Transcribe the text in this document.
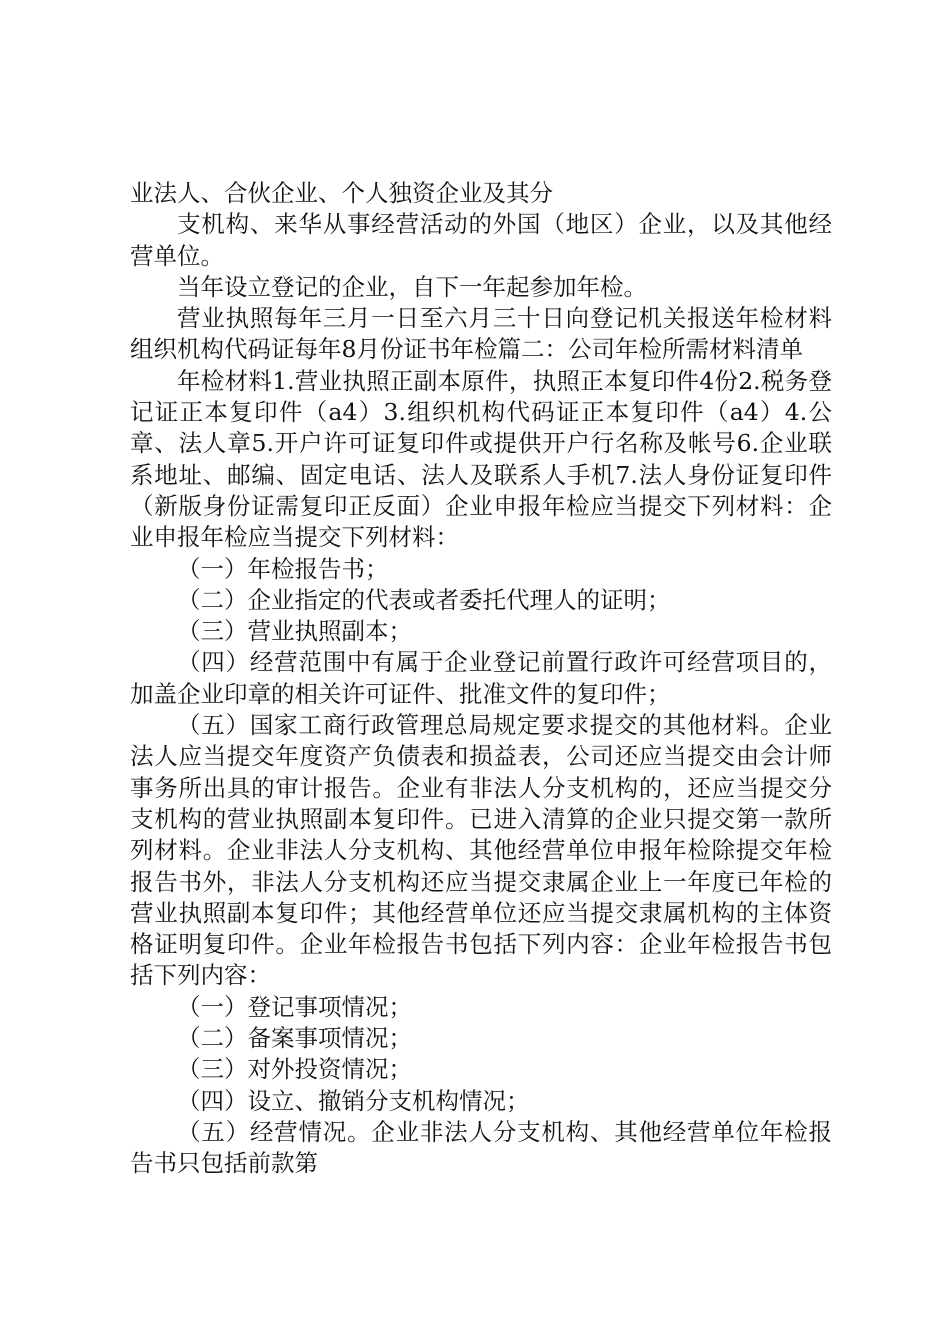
业法人、合伙企业、个人独资企业及其分

支机构、来华从事经营活动的外国（地区）企业，以及其他经营单位。

当年设立登记的企业，自下一年起参加年检。

营业执照每年三月一日至六月三十日向登记机关报送年检材料组织机构代码证每年8月份证书年检篇二：公司年检所需材料清单

年检材料1.营业执照正副本原件，执照正本复印件4份2.税务登记证正本复印件（a4）3.组织机构代码证正本复印件（a4）4.公章、法人章5.开户许可证复印件或提供开户行名称及帐号6.企业联系地址、邮编、固定电话、法人及联系人手机7.法人身份证复印件（新版身份证需复印正反面）企业申报年检应当提交下列材料：企业申报年检应当提交下列材料：

（一）年检报告书；

（二）企业指定的代表或者委托代理人的证明；

（三）营业执照副本；

（四）经营范围中有属于企业登记前置行政许可经营项目的，加盖企业印章的相关许可证件、批准文件的复印件；

（五）国家工商行政管理总局规定要求提交的其他材料。企业法人应当提交年度资产负债表和损益表，公司还应当提交由会计师事务所出具的审计报告。企业有非法人分支机构的，还应当提交分支机构的营业执照副本复印件。已进入清算的企业只提交第一款所列材料。企业非法人分支机构、其他经营单位申报年检除提交年检报告书外，非法人分支机构还应当提交隶属企业上一年度已年检的营业执照副本复印件；其他经营单位还应当提交隶属机构的主体资格证明复印件。企业年检报告书包括下列内容：企业年检报告书包括下列内容：

（一）登记事项情况；

（二）备案事项情况；

（三）对外投资情况；

（四）设立、撤销分支机构情况；

（五）经营情况。企业非法人分支机构、其他经营单位年检报告书只包括前款第
